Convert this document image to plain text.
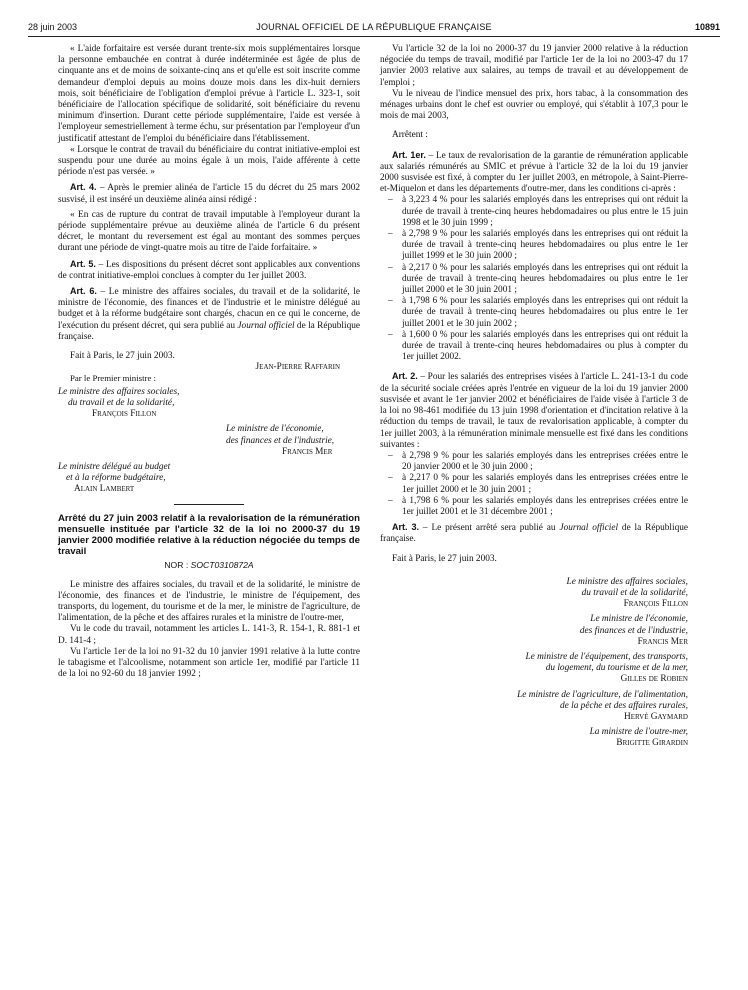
28 juin 2003	JOURNAL OFFICIEL DE LA RÉPUBLIQUE FRANÇAISE	10891

« L'aide forfaitaire est versée durant trente-six mois supplémentaires lorsque la personne embauchée en contrat à durée indéterminée est âgée de plus de cinquante ans et de moins de soixante-cinq ans et qu'elle est soit inscrite comme demandeur d'emploi depuis au moins douze mois dans les dix-huit derniers mois, soit bénéficiaire de l'obligation d'emploi prévue à l'article L. 323-1, soit bénéficiaire de l'allocation spécifique de solidarité, soit bénéficiaire du revenu minimum d'insertion. Durant cette période supplémentaire, l'aide est versée à l'employeur semestriellement à terme échu, sur présentation par l'employeur d'un justificatif attestant de l'emploi du bénéficiaire dans l'établissement.

« Lorsque le contrat de travail du bénéficiaire du contrat initiative-emploi est suspendu pour une durée au moins égale à un mois, l'aide afférente à cette période n'est pas versée. »

Art. 4. – Après le premier alinéa de l'article 15 du décret du 25 mars 2002 susvisé, il est inséré un deuxième alinéa ainsi rédigé :

« En cas de rupture du contrat de travail imputable à l'employeur durant la période supplémentaire prévue au deuxième alinéa de l'article 6 du présent décret, le montant du reversement est égal au montant des sommes perçues durant une période de vingt-quatre mois au titre de l'aide forfaitaire. »

Art. 5. – Les dispositions du présent décret sont applicables aux conventions de contrat initiative-emploi conclues à compter du 1er juillet 2003.

Art. 6. – Le ministre des affaires sociales, du travail et de la solidarité, le ministre de l'économie, des finances et de l'industrie et le ministre délégué au budget et à la réforme budgétaire sont chargés, chacun en ce qui le concerne, de l'exécution du présent décret, qui sera publié au Journal officiel de la République française.

Fait à Paris, le 27 juin 2003.

Jean-Pierre Raffarin

Par le Premier ministre :

Le ministre des affaires sociales,
du travail et de la solidarité,
François Fillon
Le ministre de l'économie,
des finances et de l'industrie,
Francis Mer
Le ministre délégué au budget
et à la réforme budgétaire,
Alain Lambert
Arrêté du 27 juin 2003 relatif à la revalorisation de la rémunération mensuelle instituée par l'article 32 de la loi no 2000-37 du 19 janvier 2000 modifiée relative à la réduction négociée du temps de travail
NOR : SOCT0310872A

Le ministre des affaires sociales, du travail et de la solidarité, le ministre de l'économie, des finances et de l'industrie, le ministre de l'équipement, des transports, du logement, du tourisme et de la mer, le ministre de l'agriculture, de l'alimentation, de la pêche et des affaires rurales et la ministre de l'outre-mer,

Vu le code du travail, notamment les articles L. 141-3, R. 154-1, R. 881-1 et D. 141-4 ;

Vu l'article 1er de la loi no 91-32 du 10 janvier 1991 relative à la lutte contre le tabagisme et l'alcoolisme, notamment son article 1er, modifié par l'article 11 de la loi no 92-60 du 18 janvier 1992 ;

Vu l'article 32 de la loi no 2000-37 du 19 janvier 2000 relative à la réduction négociée du temps de travail, modifié par l'article 1er de la loi no 2003-47 du 17 janvier 2003 relative aux salaires, au temps de travail et au développement de l'emploi ;

Vu le niveau de l'indice mensuel des prix, hors tabac, à la consommation des ménages urbains dont le chef est ouvrier ou employé, qui s'établit à 107,3 pour le mois de mai 2003,

Arrêtent :

Art. 1er. – Le taux de revalorisation de la garantie de rémunération applicable aux salariés rémunérés au SMIC et prévue à l'article 32 de la loi du 19 janvier 2000 susvisée est fixé, à compter du 1er juillet 2003, en métropole, à Saint-Pierre-et-Miquelon et dans les départements d'outre-mer, dans les conditions ci-après :

– à 3,223 4 % pour les salariés employés dans les entreprises qui ont réduit la durée de travail à trente-cinq heures hebdomadaires ou plus entre le 15 juin 1998 et le 30 juin 1999 ;
– à 2,798 9 % pour les salariés employés dans les entreprises qui ont réduit la durée de travail à trente-cinq heures hebdomadaires ou plus entre le 1er juillet 1999 et le 30 juin 2000 ;
– à 2,217 0 % pour les salariés employés dans les entreprises qui ont réduit la durée de travail à trente-cinq heures hebdomadaires ou plus entre le 1er juillet 2000 et le 30 juin 2001 ;
– à 1,798 6 % pour les salariés employés dans les entreprises qui ont réduit la durée de travail à trente-cinq heures hebdomadaires ou plus entre le 1er juillet 2001 et le 30 juin 2002 ;
– à 1,600 0 % pour les salariés employés dans les entreprises qui ont réduit la durée de travail à trente-cinq heures hebdomadaires ou plus à compter du 1er juillet 2002.

Art. 2. – Pour les salariés des entreprises visées à l'article L. 241-13-1 du code de la sécurité sociale créées après l'entrée en vigueur de la loi du 19 janvier 2000 susvisée et avant le 1er janvier 2002 et bénéficiaires de l'aide visée à l'article 3 de la loi no 98-461 modifiée du 13 juin 1998 d'orientation et d'incitation relative à la réduction du temps de travail, le taux de revalorisation applicable, à compter du 1er juillet 2003, à la rémunération minimale mensuelle est fixé dans les conditions suivantes :

– à 2,798 9 % pour les salariés employés dans les entreprises créées entre le 20 janvier 2000 et le 30 juin 2000 ;
– à 2,217 0 % pour les salariés employés dans les entreprises créées entre le 1er juillet 2000 et le 30 juin 2001 ;
– à 1,798 6 % pour les salariés employés dans les entreprises créées entre le 1er juillet 2001 et le 31 décembre 2001 ;

Art. 3. – Le présent arrêté sera publié au Journal officiel de la République française.

Fait à Paris, le 27 juin 2003.

Le ministre des affaires sociales,
du travail et de la solidarité,
François Fillon
Le ministre de l'économie,
des finances et de l'industrie,
Francis Mer
Le ministre de l'équipement, des transports,
du logement, du tourisme et de la mer,
Gilles de Robien
Le ministre de l'agriculture, de l'alimentation,
de la pêche et des affaires rurales,
Hervé Gaymard
La ministre de l'outre-mer,
Brigitte Girardin
